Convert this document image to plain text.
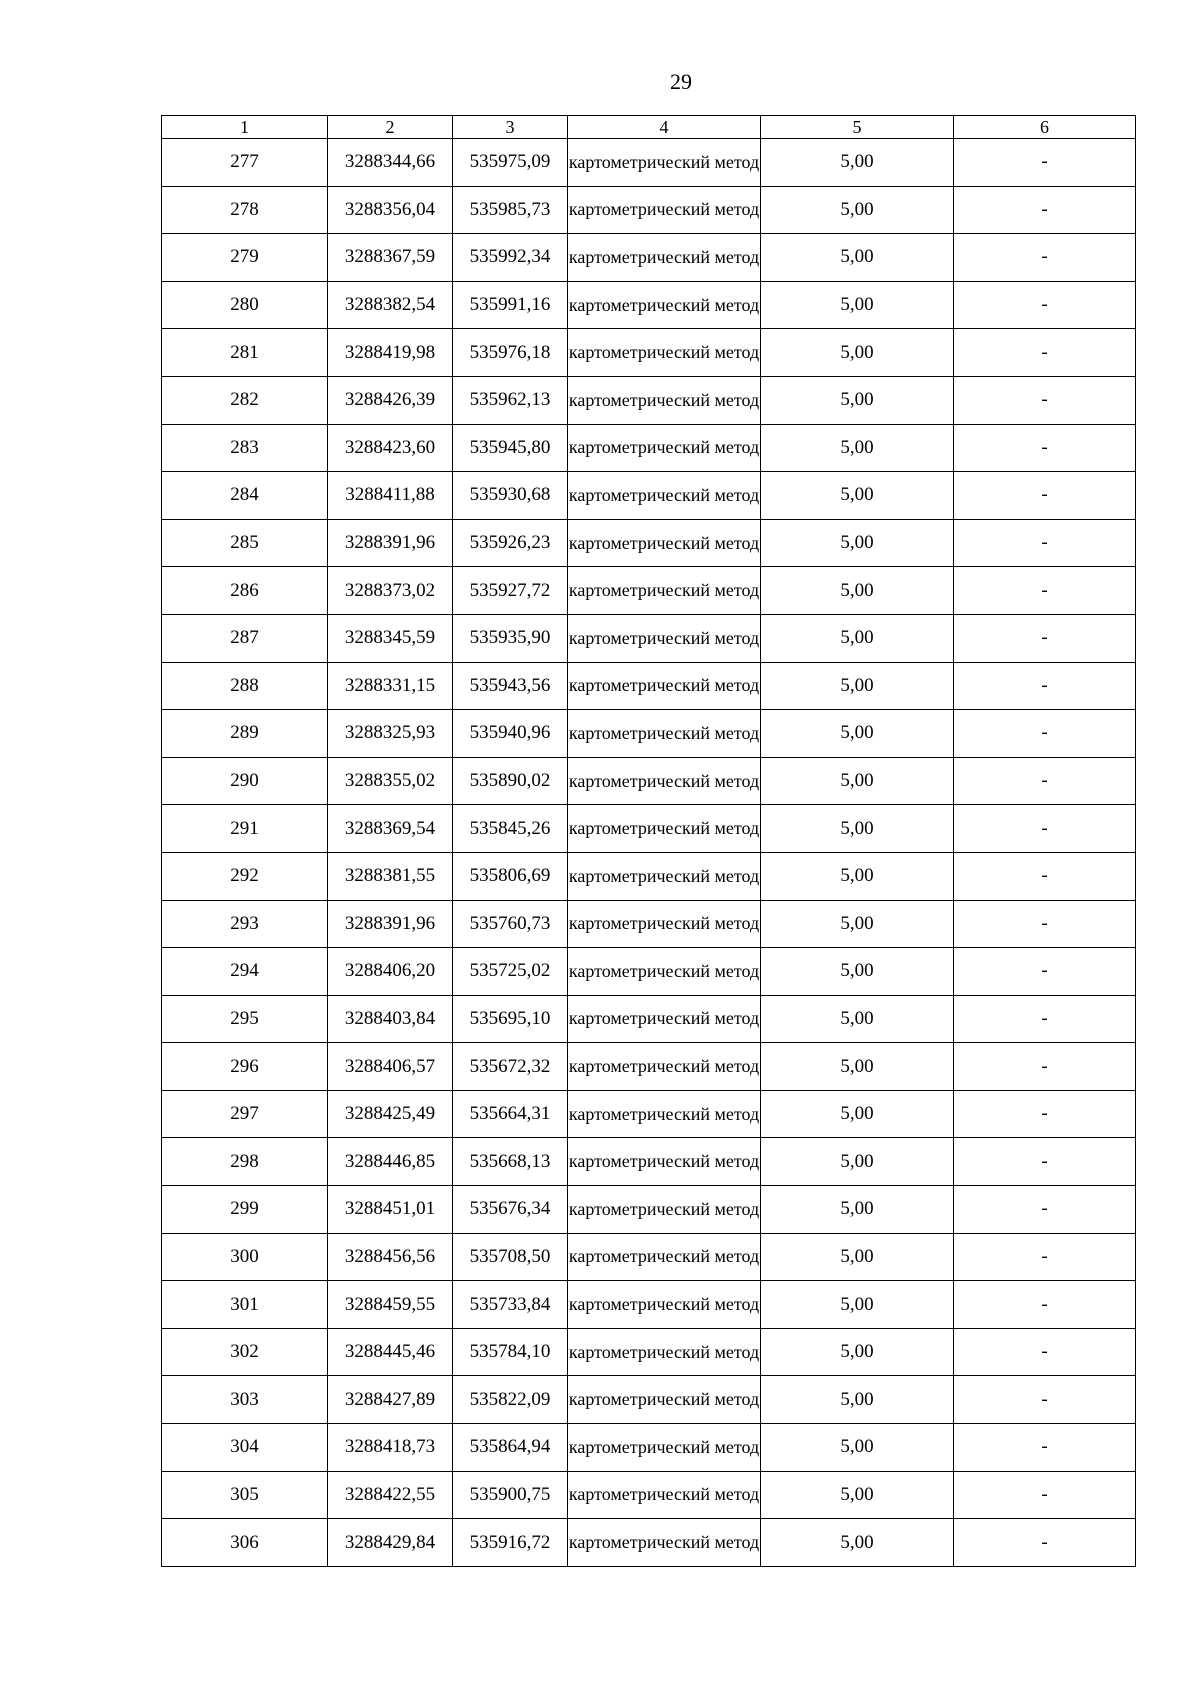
29
1	2	3	4	5	6
277	3288344,66	535975,09	картометрический метод	5,00	-
278	3288356,04	535985,73	картометрический метод	5,00	-
279	3288367,59	535992,34	картометрический метод	5,00	-
280	3288382,54	535991,16	картометрический метод	5,00	-
281	3288419,98	535976,18	картометрический метод	5,00	-
282	3288426,39	535962,13	картометрический метод	5,00	-
283	3288423,60	535945,80	картометрический метод	5,00	-
284	3288411,88	535930,68	картометрический метод	5,00	-
285	3288391,96	535926,23	картометрический метод	5,00	-
286	3288373,02	535927,72	картометрический метод	5,00	-
287	3288345,59	535935,90	картометрический метод	5,00	-
288	3288331,15	535943,56	картометрический метод	5,00	-
289	3288325,93	535940,96	картометрический метод	5,00	-
290	3288355,02	535890,02	картометрический метод	5,00	-
291	3288369,54	535845,26	картометрический метод	5,00	-
292	3288381,55	535806,69	картометрический метод	5,00	-
293	3288391,96	535760,73	картометрический метод	5,00	-
294	3288406,20	535725,02	картометрический метод	5,00	-
295	3288403,84	535695,10	картометрический метод	5,00	-
296	3288406,57	535672,32	картометрический метод	5,00	-
297	3288425,49	535664,31	картометрический метод	5,00	-
298	3288446,85	535668,13	картометрический метод	5,00	-
299	3288451,01	535676,34	картометрический метод	5,00	-
300	3288456,56	535708,50	картометрический метод	5,00	-
301	3288459,55	535733,84	картометрический метод	5,00	-
302	3288445,46	535784,10	картометрический метод	5,00	-
303	3288427,89	535822,09	картометрический метод	5,00	-
304	3288418,73	535864,94	картометрический метод	5,00	-
305	3288422,55	535900,75	картометрический метод	5,00	-
306	3288429,84	535916,72	картометрический метод	5,00	-
